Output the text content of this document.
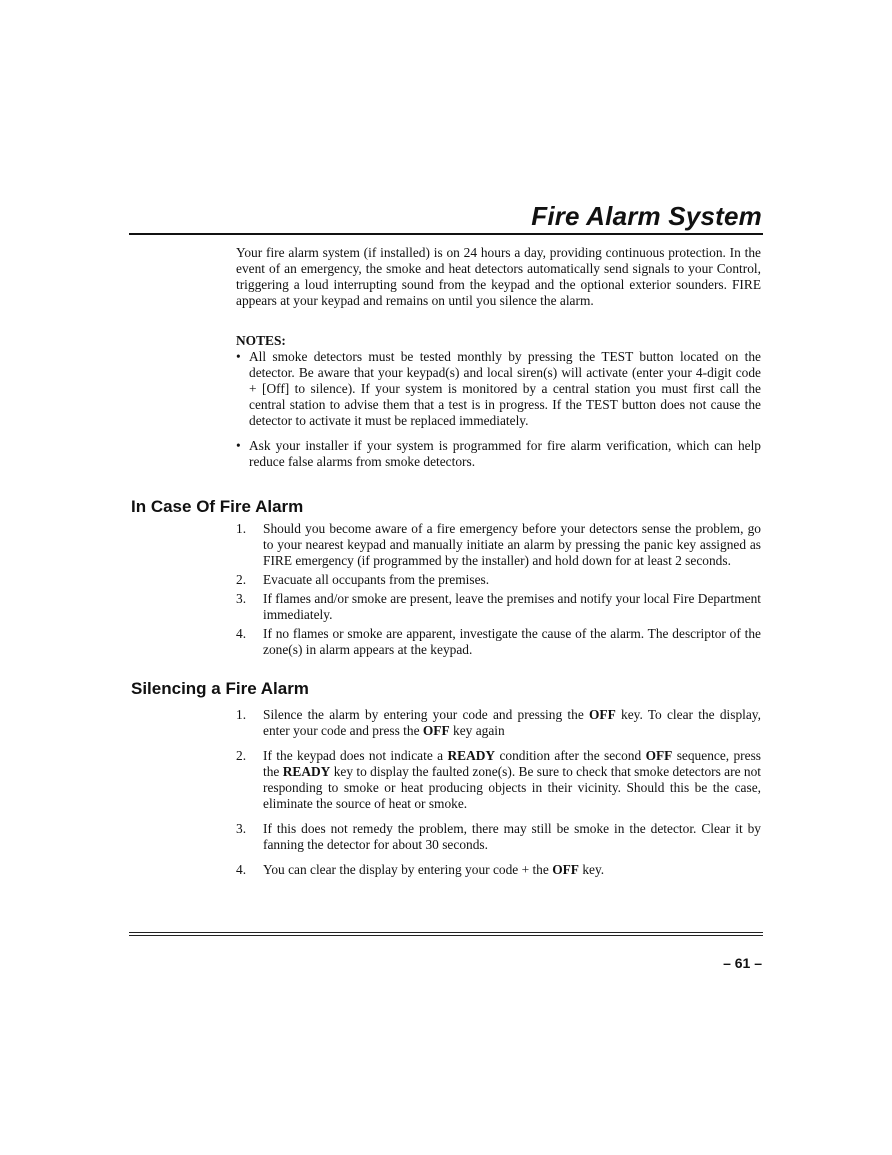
Fire Alarm System

Your fire alarm system (if installed) is on 24 hours a day, providing continuous protection. In the event of an emergency, the smoke and heat detectors automatically send signals to your Control, triggering a loud interrupting sound from the keypad and the optional exterior sounders. FIRE appears at your keypad and remains on until you silence the alarm.

NOTES:

• All smoke detectors must be tested monthly by pressing the TEST button located on the detector. Be aware that your keypad(s) and local siren(s) will activate (enter your 4-digit code + [Off] to silence). If your system is monitored by a central station you must first call the central station to advise them that a test is in progress. If the TEST button does not cause the detector to activate it must be replaced immediately.
• Ask your installer if your system is programmed for fire alarm verification, which can help reduce false alarms from smoke detectors.
In Case Of Fire Alarm
1. Should you become aware of a fire emergency before your detectors sense the problem, go to your nearest keypad and manually initiate an alarm by pressing the panic key assigned as FIRE emergency (if programmed by the installer) and hold down for at least 2 seconds.
2. Evacuate all occupants from the premises.
3. If flames and/or smoke are present, leave the premises and notify your local Fire Department immediately.
4. If no flames or smoke are apparent, investigate the cause of the alarm. The descriptor of the zone(s) in alarm appears at the keypad.
Silencing a Fire Alarm
1. Silence the alarm by entering your code and pressing the OFF key. To clear the display, enter your code and press the OFF key again
2. If the keypad does not indicate a READY condition after the second OFF sequence, press the READY key to display the faulted zone(s). Be sure to check that smoke detectors are not responding to smoke or heat producing objects in their vicinity. Should this be the case, eliminate the source of heat or smoke.
3. If this does not remedy the problem, there may still be smoke in the detector. Clear it by fanning the detector for about 30 seconds.
4. You can clear the display by entering your code + the OFF key.
– 61 –
